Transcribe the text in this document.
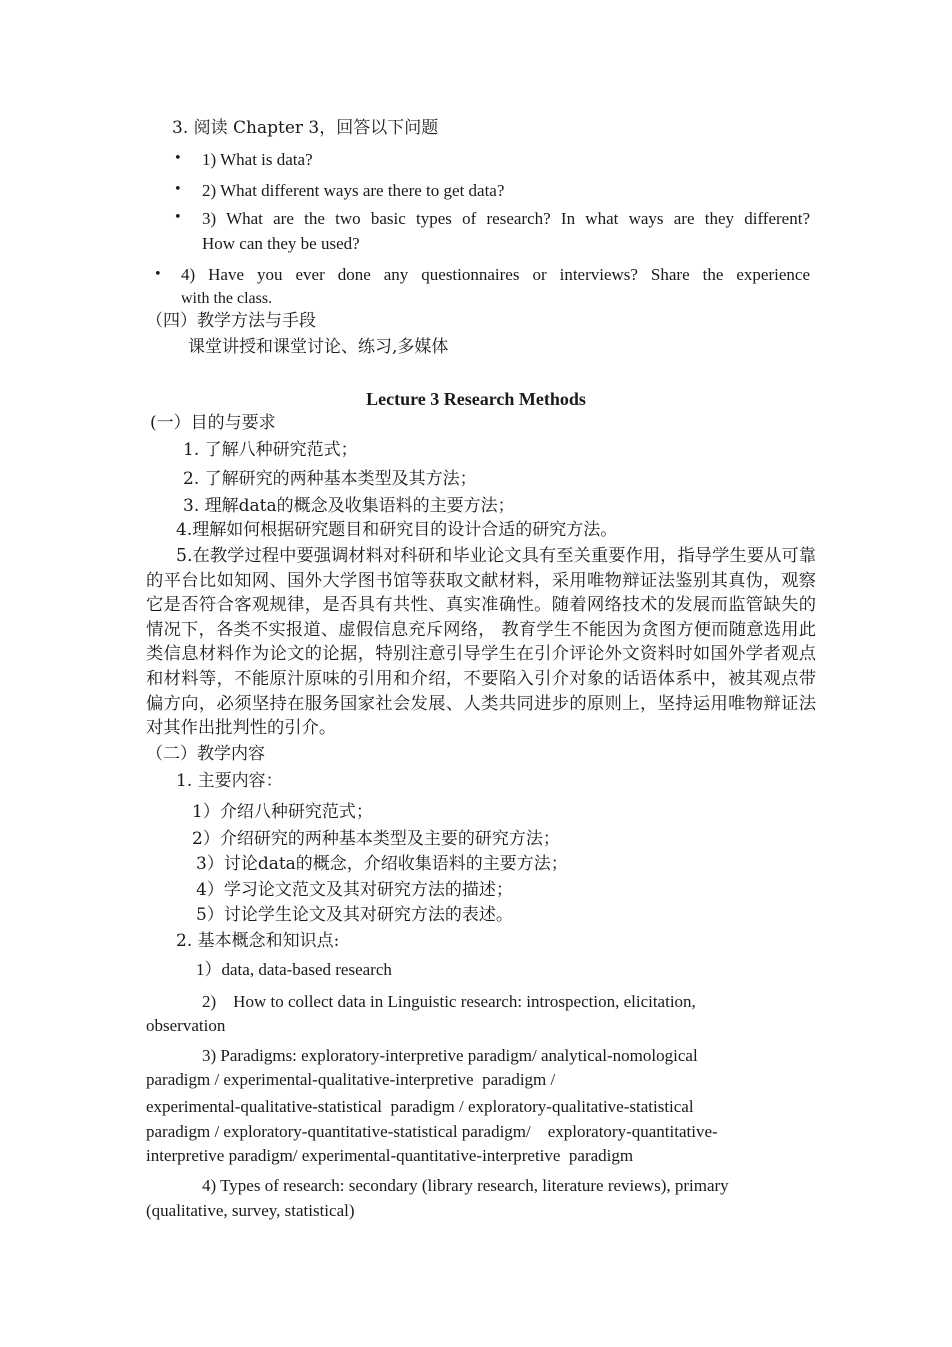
3. 阅读 Chapter 3，回答以下问题
• 1) What is data?
• 2) What different ways are there to get data?
• 3) What are the two basic types of research? In what ways are they different?
How can they be used?
• 4) Have you ever done any questionnaires or interviews? Share the experience
with the class.
（四）教学方法与手段
课堂讲授和课堂讨论、练习,多媒体
Lecture 3 Research Methods
(一）目的与要求
1. 了解八种研究范式；
2. 了解研究的两种基本类型及其方法；
3. 理解data的概念及收集语料的主要方法；
4.理解如何根据研究题目和研究目的设计合适的研究方法。
5.在教学过程中要强调材料对科研和毕业论文具有至关重要作用，指导学生要从可靠的平台比如知网、国外大学图书馆等获取文献材料，采用唯物辩证法鉴别其真伪，观察它是否符合客观规律，是否具有共性、真实准确性。随着网络技术的发展而监管缺失的情况下，各类不实报道、虚假信息充斥网络， 教育学生不能因为贪图方便而随意选用此类信息材料作为论文的论据，特别注意引导学生在引介评论外文资料时如国外学者观点和材料等，不能原汁原味的引用和介绍，不要陷入引介对象的话语体系中，被其观点带偏方向，必须坚持在服务国家社会发展、人类共同进步的原则上，坚持运用唯物辩证法对其作出批判性的引介。
（二）教学内容
1. 主要内容：
1）介绍八种研究范式；
2）介绍研究的两种基本类型及主要的研究方法；
3）讨论data的概念，介绍收集语料的主要方法；
4）学习论文范文及其对研究方法的描述；
5）讨论学生论文及其对研究方法的表述。
2. 基本概念和知识点:
1）data, data-based research
2)    How to collect data in Linguistic research: introspection, elicitation,
observation
3) Paradigms: exploratory-interpretive paradigm/ analytical-nomological
paradigm / experimental-qualitative-interpretive  paradigm /
experimental-qualitative-statistical  paradigm / exploratory-qualitative-statistical
paradigm / exploratory-quantitative-statistical paradigm/    exploratory-quantitative-
interpretive paradigm/ experimental-quantitative-interpretive  paradigm
4) Types of research: secondary (library research, literature reviews), primary
(qualitative, survey, statistical)
